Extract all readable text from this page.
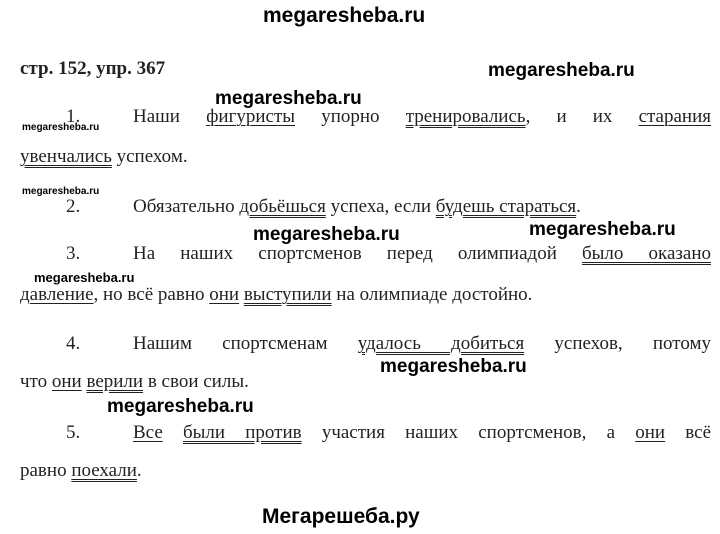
megaresheba.ru
стр. 152, упр. 367	megaresheba.ru
megaresheba.ru
megaresheba.ru
megaresheba.ru
megaresheba.ru
megaresheba.ru
megaresheba.ru
megaresheba.ru
megaresheba.ru
1.	Наши фигуристы упорно тренировались, и их старания
увенчались успехом.
2.	Обязательно добьёшься успеха, если будешь стараться.
3.	На наших спортсменов перед олимпиадой было оказано
давление, но всё равно они выступили на олимпиаде достойно.
4.	Нашим спортсменам удалось добиться успехов, потому
что они верили в свои силы.
5.	Все были против участия наших спортсменов, а они всё
равно поехали.
Мегарешеба.ру
